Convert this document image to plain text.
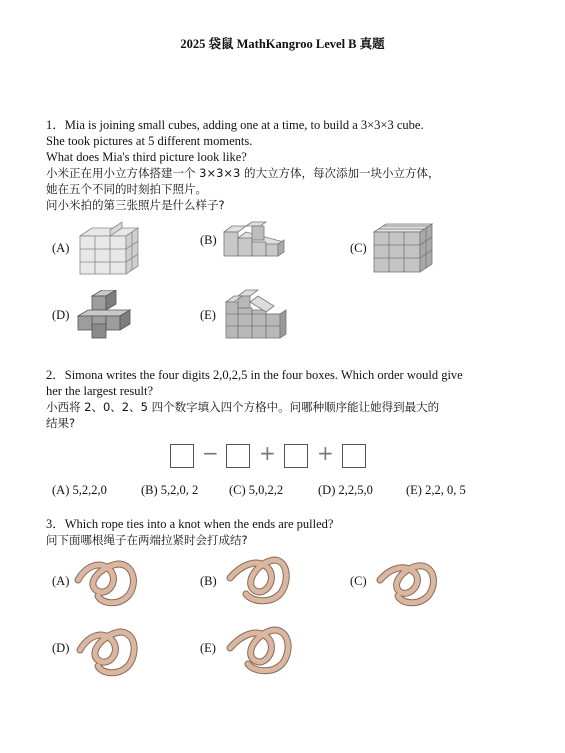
2025 袋鼠 MathKangroo Level B 真题
1．Mia is joining small cubes, adding one at a time, to build a 3×3×3 cube.
She took pictures at 5 different moments.
What does Mia's third picture look like?
小米正在用小立方体搭建一个 3×3×3 的大立方体，每次添加一块小立方体，
她在五个不同的时刻拍下照片。
问小米拍的第三张照片是什么样子?
(A)
(B)
(C)
(D)	(E)
2．Simona writes the four digits 2,0,2,5 in the four boxes. Which order would give
her the largest result?
小西将 2、0、2、5 四个数字填入四个方格中。问哪种顺序能让她得到最大的
结果?
− + +
(A) 5,2,2,0	(B) 5,2,0, 2 (C) 5,0,2,2	(D) 2,2,5,0	(E) 2,2, 0, 5
3．Which rope ties into a knot when the ends are pulled?
问下面哪根绳子在两端拉紧时会打成结?
(A)	(B)	(C)
(D)	(E)
